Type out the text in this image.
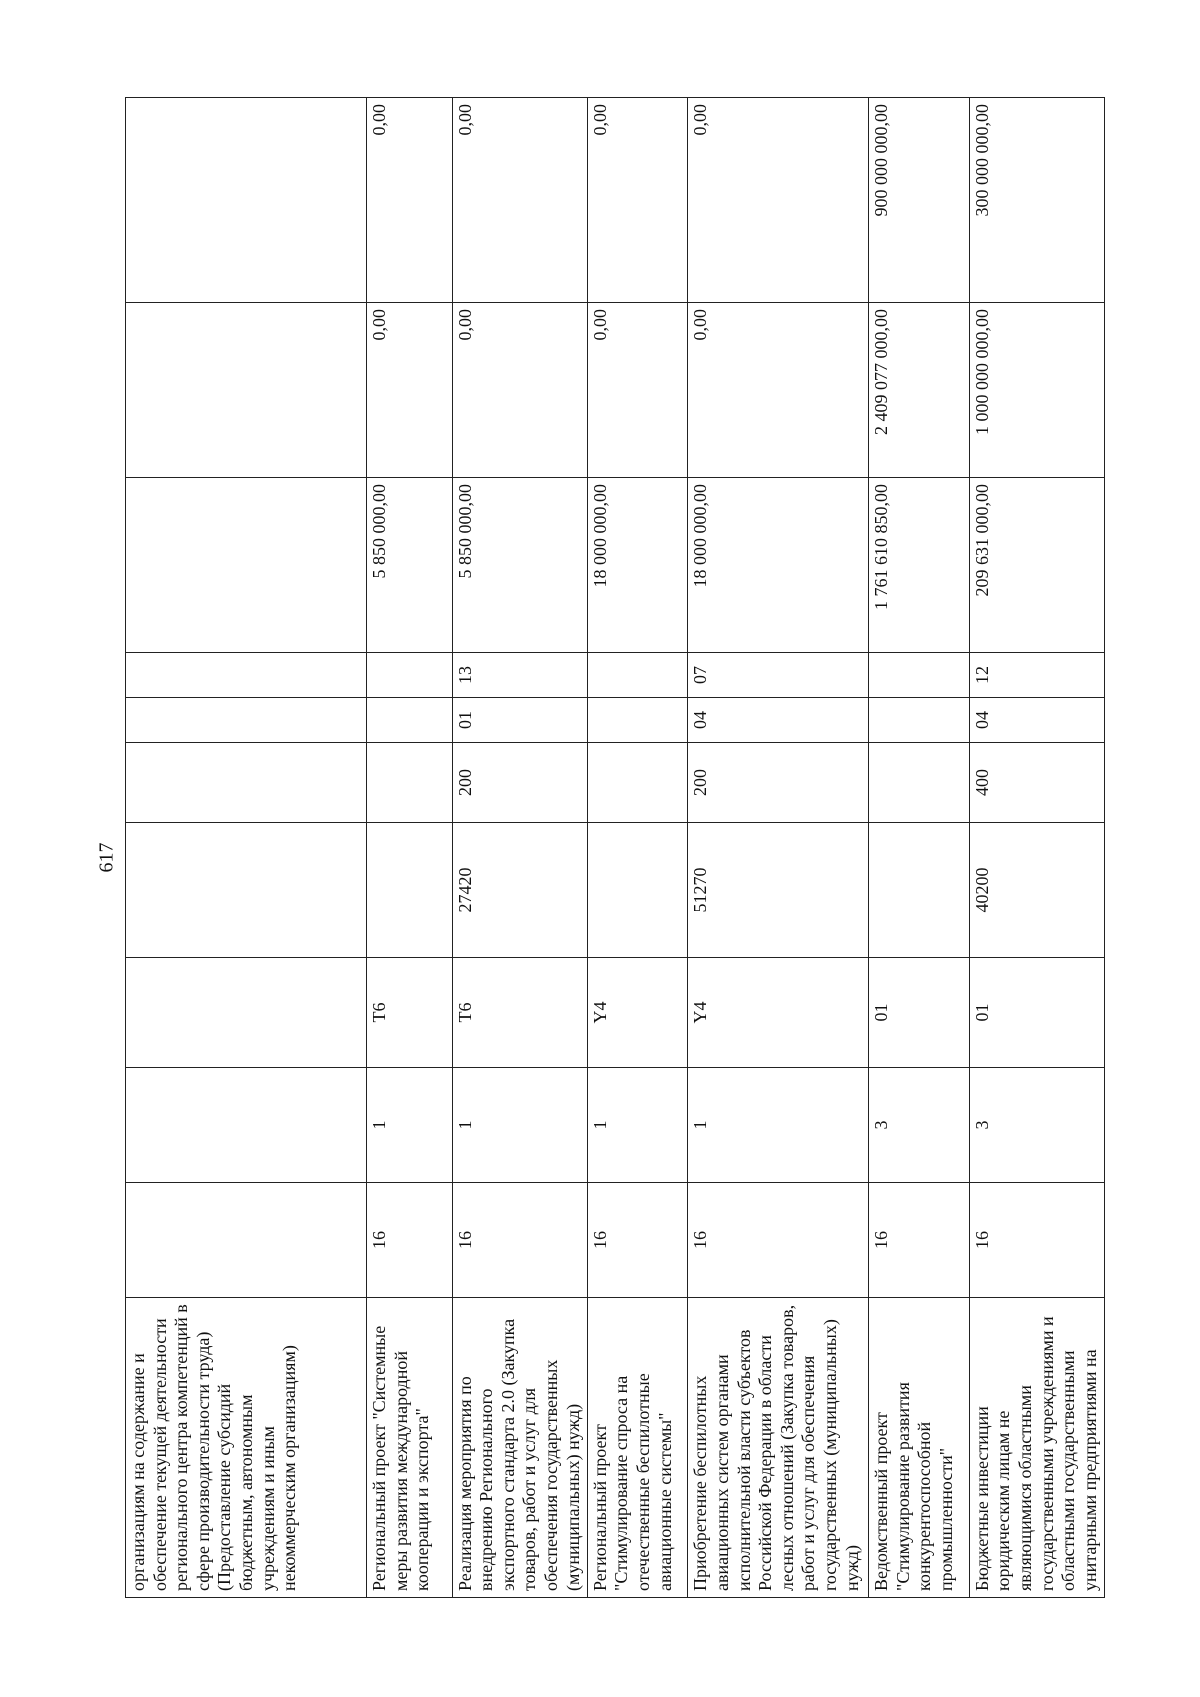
617
организациям на содержание и обеспечение текущей деятельности регионального центра компетенций в сфере производительности труда) (Предоставление субсидий бюджетным, автономным учреждениям и иным некоммерческим организациям)										
Региональный проект "Системные меры развития международной кооперации и экспорта"	16	1	T6					5 850 000,00	0,00	0,00
Реализация мероприятия по внедрению Регионального экспортного стандарта 2.0 (Закупка товаров, работ и услуг для обеспечения государственных (муниципальных) нужд)	16	1	T6	27420	200	01	13	5 850 000,00	0,00	0,00
Региональный проект "Стимулирование спроса на отечественные беспилотные авиационные системы"	16	1	Y4					18 000 000,00	0,00	0,00
Приобретение беспилотных авиационных систем органами исполнительной власти субъектов Российской Федерации в области лесных отношений (Закупка товаров, работ и услуг для обеспечения государственных (муниципальных) нужд)	16	1	Y4	51270	200	04	07	18 000 000,00	0,00	0,00
Ведомственный проект "Стимулирование развития конкурентоспособной промышленности"	16	3	01					1 761 610 850,00	2 409 077 000,00	900 000 000,00
Бюджетные инвестиции юридическим лицам не являющимися областными государственными учреждениями и областными государственными унитарными предприятиями на	16	3	01	40200	400	04	12	209 631 000,00	1 000 000 000,00	300 000 000,00
